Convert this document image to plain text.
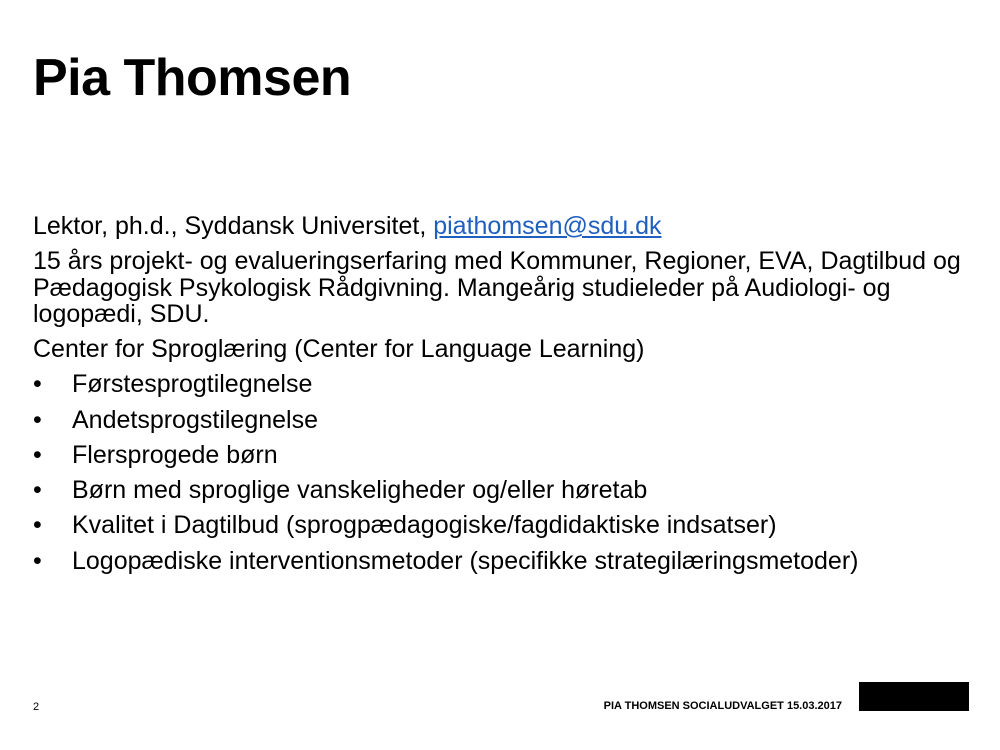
Pia Thomsen

Lektor, ph.d., Syddansk Universitet, piathomsen@sdu.dk

15 års projekt- og evalueringserfaring med Kommuner, Regioner, EVA, Dagtilbud og Pædagogisk Psykologisk Rådgivning. Mangeårig studieleder på Audiologi- og logopædi, SDU.

Center for Sproglæring (Center for Language Learning)

• Førstesprogtilegnelse
• Andetsprogstilegnelse
• Flersprogede børn
• Børn med sproglige vanskeligheder og/eller høretab
• Kvalitet i Dagtilbud (sprogpædagogiske/fagdidaktiske indsatser)
• Logopædiske interventionsmetoder (specifikke strategilæringsmetoder)
2	PIA THOMSEN SOCIALUDVALGET 15.03.2017
